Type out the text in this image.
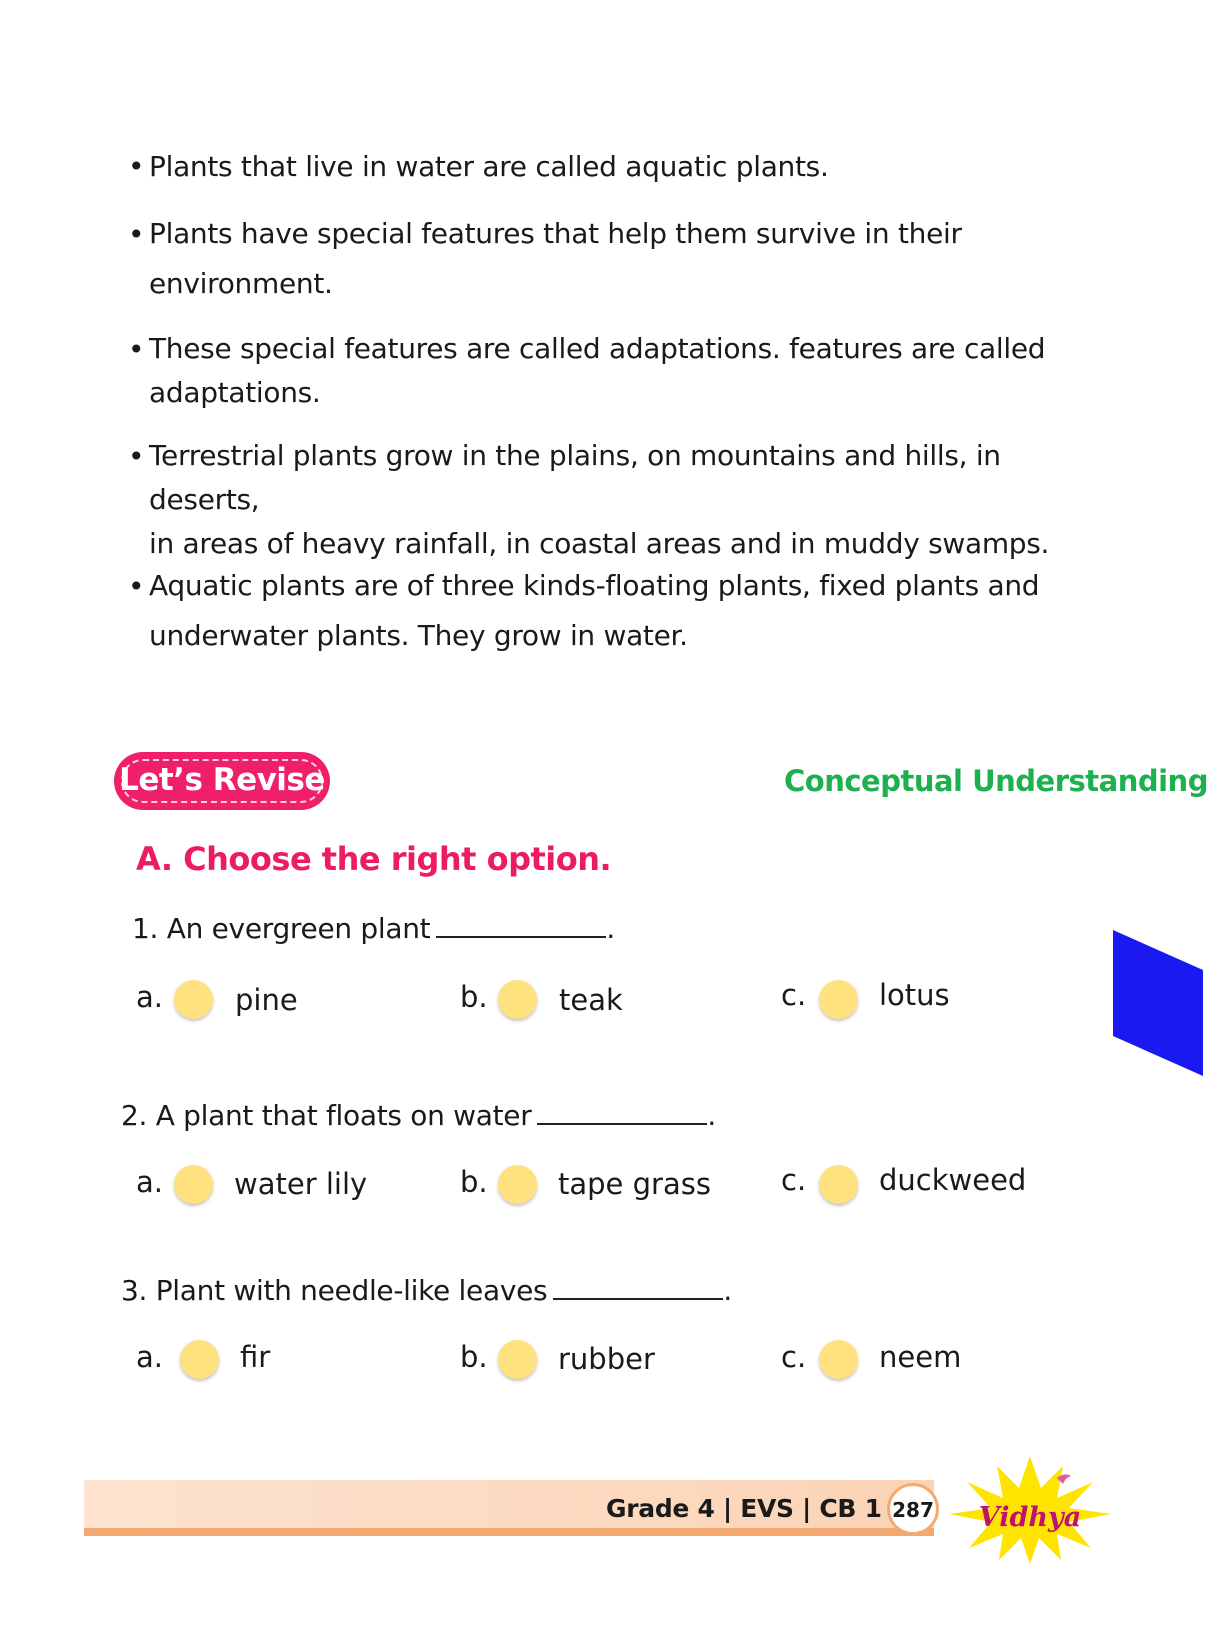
• Plants that live in water are called aquatic plants.
• Plants have special features that help them survive in their
environment.
• These special features are called adaptations. features are called
adaptations.
• Terrestrial plants grow in the plains, on mountains and hills, in deserts,
in areas of heavy rainfall, in coastal areas and in muddy swamps.
• Aquatic plants are of three kinds-floating plants, fixed plants and
underwater plants. They grow in water.
Let’s Revise	Conceptual Understanding
A. Choose the right option.
1. An evergreen plant	.
a. pine	b. teak	c.	lotus
2. A plant that floats on water	.
a. water lily	b. tape grass c.	duckweed
3. Plant with needle-like leaves	.
a.	fir	b. rubber	c.	neem
Grade 4 | EVS | CB 1 287 Vidhya
